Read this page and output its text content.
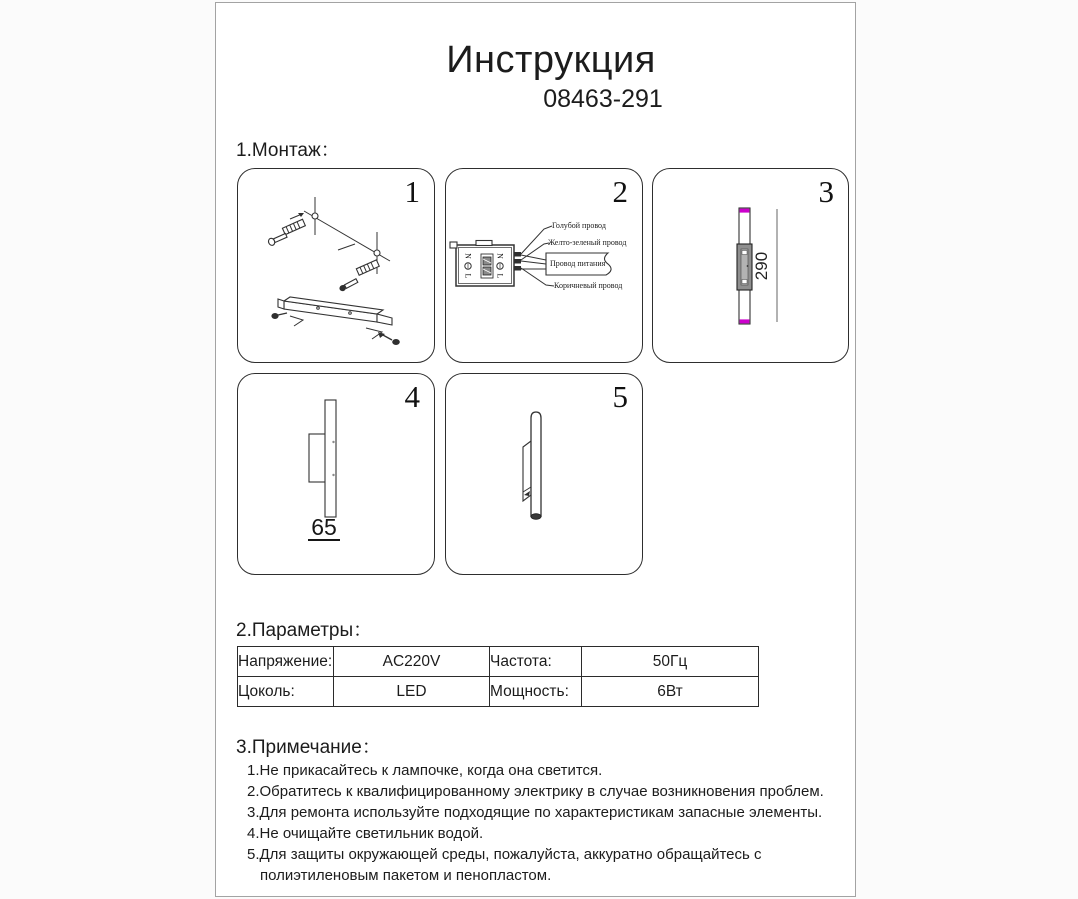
Инструкция
08463-291
1.Монтаж：
1
N
L
N
L
Голубой провод
Желто-зеленый провод
Провод питания
Коричневый провод
2
290
3
65
4	5
2.Параметры：
Напряжение:	AC220V	Частота:	50Гц
Цоколь:	LED	Мощность:	6Вт
3.Примечание：
1.Не прикасайтесь к лампочке, когда она светится.
2.Обратитесь к квалифицированному электрику в случае возникновения проблем.
3.Для ремонта используйте подходящие по характеристикам запасные элементы.
4.Не очищайте светильник водой.
5.Для защиты окружающей среды, пожалуйста, аккуратно обращайтесь с полиэтиленовым пакетом и пенопластом.
